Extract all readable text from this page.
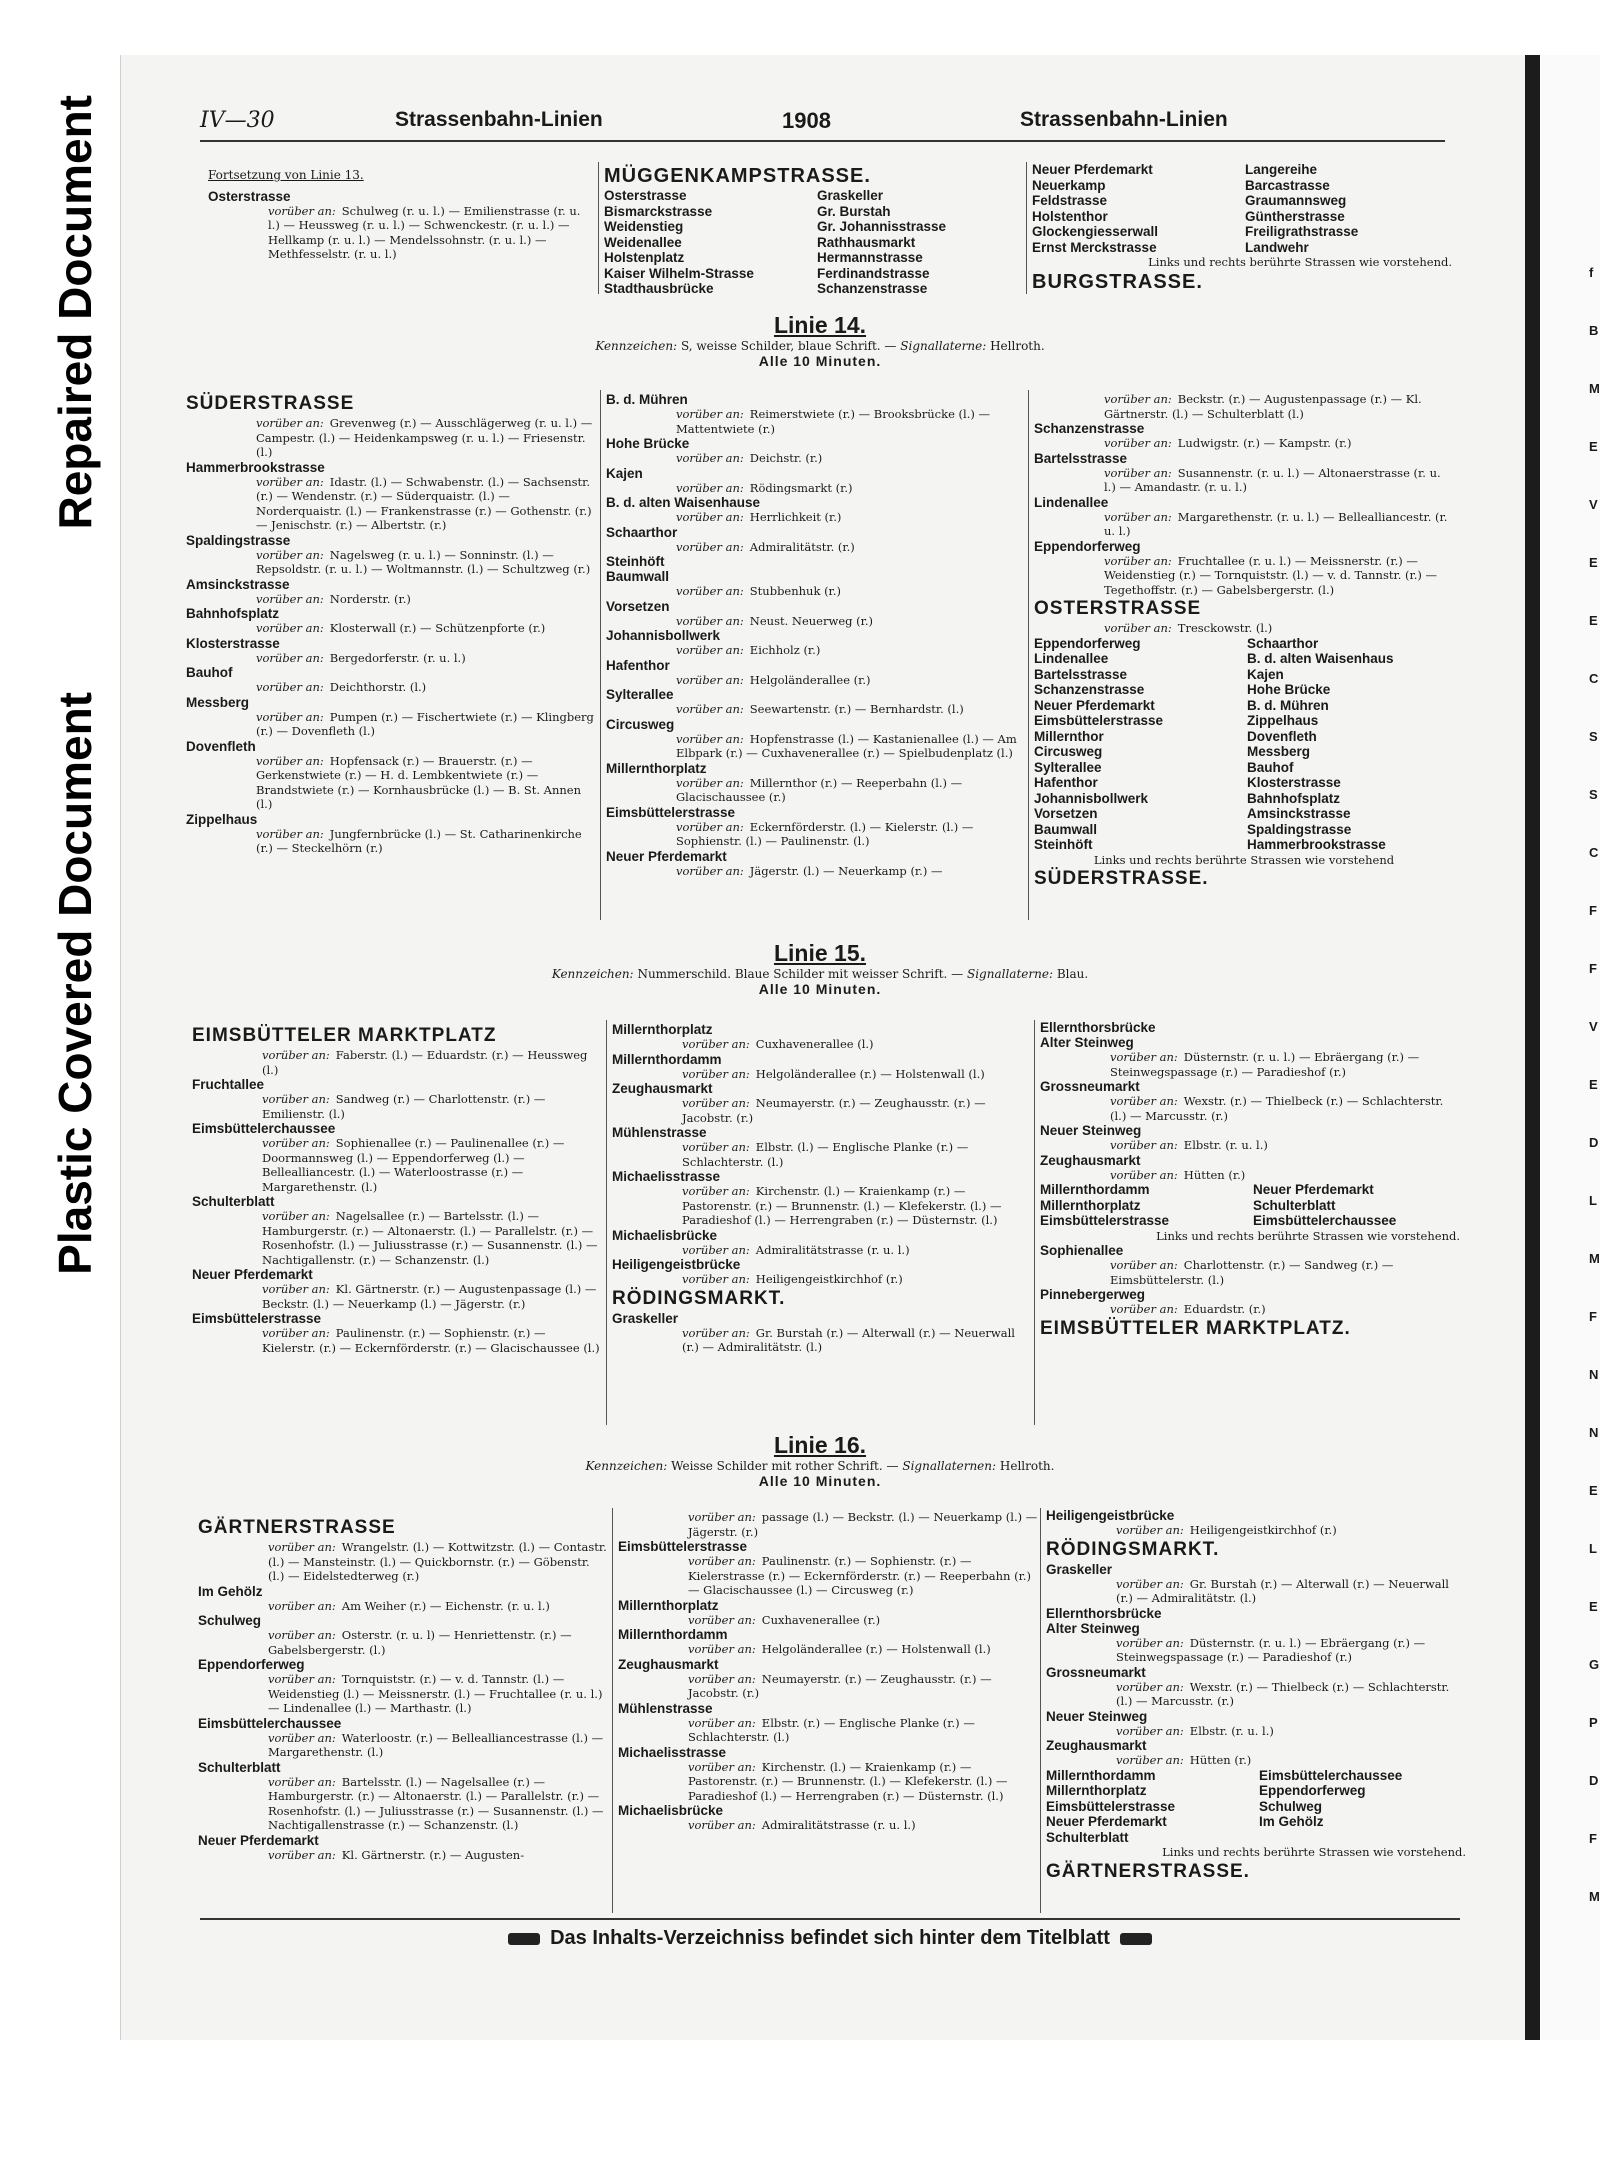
Repaired Document
Plastic Covered Document
f
B
M
E
V
E
E
C
S
S
C
F
F
V
E
D
L
M
F
N
N
E
L
E
G
P
D
F
M
IV—30	Strassenbahn-Linien	1908	Strassenbahn-Linien
Fortsetzung von Linie 13.
Osterstrasse
vorüber an: Schulweg (r. u. l.) — Emilienstrasse (r. u. l.) — Heussweg (r. u. l.) — Schwenckestr. (r. u. l.) — Hellkamp (r. u. l.) — Mendelssohnstr. (r. u. l.) — Methfesselstr. (r. u. l.)
MÜGGENKAMPSTRASSE.
Osterstrasse	Graskeller
Bismarckstrasse	Gr. Burstah
Weidenstieg	Gr. Johannisstrasse
Weidenallee	Rathhausmarkt
Holstenplatz	Hermannstrasse
Kaiser Wilhelm-Strasse	Ferdinandstrasse
Stadthausbrücke	Schanzenstrasse
Neuer Pferdemarkt	Langereihe
Neuerkamp	Barcastrasse
Feldstrasse	Graumannsweg
Holstenthor	Güntherstrasse
Glockengiesserwall	Freiligrathstrasse
Ernst Merckstrasse	Landwehr
Links und rechts berührte Strassen wie vorstehend.
BURGSTRASSE.
Linie 14.
Kennzeichen: S, weisse Schilder, blaue Schrift. — Signallaterne: Hellroth.
Alle 10 Minuten.
SÜDERSTRASSE
vorüber an: Grevenweg (r.) — Ausschlägerweg (r. u. l.) — Campestr. (l.) — Heidenkampsweg (r. u. l.) — Friesenstr. (l.)
Hammerbrookstrasse
vorüber an: Idastr. (l.) — Schwabenstr. (l.) — Sachsenstr. (r.) — Wendenstr. (r.) — Süderquaistr. (l.) — Norderquaistr. (l.) — Frankenstrasse (r.) — Gothenstr. (r.) — Jenischstr. (r.) — Albertstr. (r.)
Spaldingstrasse
vorüber an: Nagelsweg (r. u. l.) — Sonninstr. (l.) — Repsoldstr. (r. u. l.) — Woltmannstr. (l.) — Schultzweg (r.)
Amsinckstrasse
vorüber an: Norderstr. (r.)
Bahnhofsplatz
vorüber an: Klosterwall (r.) — Schützenpforte (r.)
Klosterstrasse
vorüber an: Bergedorferstr. (r. u. l.)
Bauhof
vorüber an: Deichthorstr. (l.)
Messberg
vorüber an: Pumpen (r.) — Fischertwiete (r.) — Klingberg (r.) — Dovenfleth (l.)
Dovenfleth
vorüber an: Hopfensack (r.) — Brauerstr. (r.) — Gerkenstwiete (r.) — H. d. Lembkentwiete (r.) — Brandstwiete (r.) — Kornhausbrücke (l.) — B. St. Annen (l.)
Zippelhaus
vorüber an: Jungfernbrücke (l.) — St. Catharinenkirche (r.) — Steckelhörn (r.)
B. d. Mühren
vorüber an: Reimerstwiete (r.) — Brooksbrücke (l.) — Mattentwiete (r.)
Hohe Brücke
vorüber an: Deichstr. (r.)
Kajen
vorüber an: Rödingsmarkt (r.)
B. d. alten Waisenhause
vorüber an: Herrlichkeit (r.)
Schaarthor
vorüber an: Admiralitätstr. (r.)
Steinhöft
Baumwall
vorüber an: Stubbenhuk (r.)
Vorsetzen
vorüber an: Neust. Neuerweg (r.)
Johannisbollwerk
vorüber an: Eichholz (r.)
Hafenthor
vorüber an: Helgoländerallee (r.)
Sylterallee
vorüber an: Seewartenstr. (r.) — Bernhardstr. (l.)
Circusweg
vorüber an: Hopfenstrasse (l.) — Kastanienallee (l.) — Am Elbpark (r.) — Cuxhavenerallee (r.) — Spielbudenplatz (l.)
Millernthorplatz
vorüber an: Millernthor (r.) — Reeperbahn (l.) — Glacischaussee (r.)
Eimsbüttelerstrasse
vorüber an: Eckernförderstr. (l.) — Kielerstr. (l.) — Sophienstr. (l.) — Paulinenstr. (l.)
Neuer Pferdemarkt
vorüber an: Jägerstr. (l.) — Neuerkamp (r.) —
vorüber an: Beckstr. (r.) — Augustenpassage (r.) — Kl. Gärtnerstr. (l.) — Schulterblatt (l.)
Schanzenstrasse
vorüber an: Ludwigstr. (r.) — Kampstr. (r.)
Bartelsstrasse
vorüber an: Susannenstr. (r. u. l.) — Altonaerstrasse (r. u. l.) — Amandastr. (r. u. l.)
Lindenallee
vorüber an: Margarethenstr. (r. u. l.) — Bellealliancestr. (r. u. l.)
Eppendorferweg
vorüber an: Fruchtallee (r. u. l.) — Meissnerstr. (r.) — Weidenstieg (r.) — Tornquiststr. (l.) — v. d. Tannstr. (r.) — Tegethoffstr. (r.) — Gabelsbergerstr. (l.)
OSTERSTRASSE
vorüber an: Tresckowstr. (l.)
Eppendorferweg	Schaarthor
Lindenallee	B. d. alten Waisenhaus
Bartelsstrasse	Kajen
Schanzenstrasse	Hohe Brücke
Neuer Pferdemarkt	B. d. Mühren
Eimsbüttelerstrasse	Zippelhaus
Millernthor	Dovenfleth
Circusweg	Messberg
Sylterallee	Bauhof
Hafenthor	Klosterstrasse
Johannisbollwerk	Bahnhofsplatz
Vorsetzen	Amsinckstrasse
Baumwall	Spaldingstrasse
Steinhöft	Hammerbrookstrasse
Links und rechts berührte Strassen wie vorstehend
SÜDERSTRASSE.
Linie 15.
Kennzeichen: Nummerschild. Blaue Schilder mit weisser Schrift. — Signallaterne: Blau.
Alle 10 Minuten.
EIMSBÜTTELER MARKTPLATZ
vorüber an: Faberstr. (l.) — Eduardstr. (r.) — Heussweg (l.)
Fruchtallee
vorüber an: Sandweg (r.) — Charlottenstr. (r.) — Emilienstr. (l.)
Eimsbüttelerchaussee
vorüber an: Sophienallee (r.) — Paulinenallee (r.) — Doormannsweg (l.) — Eppendorferweg (l.) — Bellealliancestr. (l.) — Waterloostrasse (r.) — Margarethenstr. (l.)
Schulterblatt
vorüber an: Nagelsallee (r.) — Bartelsstr. (l.) — Hamburgerstr. (r.) — Altonaerstr. (l.) — Parallelstr. (r.) — Rosenhofstr. (l.) — Juliusstrasse (r.) — Susannenstr. (l.) — Nachtigallenstr. (r.) — Schanzenstr. (l.)
Neuer Pferdemarkt
vorüber an: Kl. Gärtnerstr. (r.) — Augustenpassage (l.) — Beckstr. (l.) — Neuerkamp (l.) — Jägerstr. (r.)
Eimsbüttelerstrasse
vorüber an: Paulinenstr. (r.) — Sophienstr. (r.) — Kielerstr. (r.) — Eckernförderstr. (r.) — Glacischaussee (l.)
Millernthorplatz
vorüber an: Cuxhavenerallee (l.)
Millernthordamm
vorüber an: Helgoländerallee (r.) — Holstenwall (l.)
Zeughausmarkt
vorüber an: Neumayerstr. (r.) — Zeughausstr. (r.) — Jacobstr. (r.)
Mühlenstrasse
vorüber an: Elbstr. (l.) — Englische Planke (r.) — Schlachterstr. (l.)
Michaelisstrasse
vorüber an: Kirchenstr. (l.) — Kraienkamp (r.) — Pastorenstr. (r.) — Brunnenstr. (l.) — Klefekerstr. (l.) — Paradieshof (l.) — Herrengraben (r.) — Düsternstr. (l.)
Michaelisbrücke
vorüber an: Admiralitätstrasse (r. u. l.)
Heiligengeistbrücke
vorüber an: Heiligengeistkirchhof (r.)
RÖDINGSMARKT.
Graskeller
vorüber an: Gr. Burstah (r.) — Alterwall (r.) — Neuerwall (r.) — Admiralitätstr. (l.)
Ellernthorsbrücke
Alter Steinweg
vorüber an: Düsternstr. (r. u. l.) — Ebräergang (r.) — Steinwegspassage (r.) — Paradieshof (r.)
Grossneumarkt
vorüber an: Wexstr. (r.) — Thielbeck (r.) — Schlachterstr. (l.) — Marcusstr. (r.)
Neuer Steinweg
vorüber an: Elbstr. (r. u. l.)
Zeughausmarkt
vorüber an: Hütten (r.)
Millernthordamm	Neuer Pferdemarkt
Millernthorplatz	Schulterblatt
Eimsbüttelerstrasse	Eimsbüttelerchaussee
Links und rechts berührte Strassen wie vorstehend.
Sophienallee
vorüber an: Charlottenstr. (r.) — Sandweg (r.) — Eimsbüttelerstr. (l.)
Pinnebergerweg
vorüber an: Eduardstr. (r.)
EIMSBÜTTELER MARKTPLATZ.
Linie 16.
Kennzeichen: Weisse Schilder mit rother Schrift. — Signallaternen: Hellroth.
Alle 10 Minuten.
GÄRTNERSTRASSE
vorüber an: Wrangelstr. (l.) — Kottwitzstr. (l.) — Contastr. (l.) — Mansteinstr. (l.) — Quickbornstr. (r.) — Göbenstr. (l.) — Eidelstedterweg (r.)
Im Gehölz
vorüber an: Am Weiher (r.) — Eichenstr. (r. u. l.)
Schulweg
vorüber an: Osterstr. (r. u. l) — Henriettenstr. (r.) — Gabelsbergerstr. (l.)
Eppendorferweg
vorüber an: Tornquiststr. (r.) — v. d. Tannstr. (l.) — Weidenstieg (l.) — Meissnerstr. (l.) — Fruchtallee (r. u. l.) — Lindenallee (l.) — Marthastr. (l.)
Eimsbüttelerchaussee
vorüber an: Waterloostr. (r.) — Bellealliancestrasse (l.) — Margarethenstr. (l.)
Schulterblatt
vorüber an: Bartelsstr. (l.) — Nagelsallee (r.) — Hamburgerstr. (r.) — Altonaerstr. (l.) — Parallelstr. (r.) — Rosenhofstr. (l.) — Juliusstrasse (r.) — Susannenstr. (l.) — Nachtigallenstrasse (r.) — Schanzenstr. (l.)
Neuer Pferdemarkt
vorüber an: Kl. Gärtnerstr. (r.) — Augusten-
vorüber an: passage (l.) — Beckstr. (l.) — Neuerkamp (l.) — Jägerstr. (r.)
Eimsbüttelerstrasse
vorüber an: Paulinenstr. (r.) — Sophienstr. (r.) — Kielerstrasse (r.) — Eckernförderstr. (r.) — Reeperbahn (r.) — Glacischaussee (l.) — Circusweg (r.)
Millernthorplatz
vorüber an: Cuxhavenerallee (r.)
Millernthordamm
vorüber an: Helgoländerallee (r.) — Holstenwall (l.)
Zeughausmarkt
vorüber an: Neumayerstr. (r.) — Zeughausstr. (r.) — Jacobstr. (r.)
Mühlenstrasse
vorüber an: Elbstr. (r.) — Englische Planke (r.) — Schlachterstr. (l.)
Michaelisstrasse
vorüber an: Kirchenstr. (l.) — Kraienkamp (r.) — Pastorenstr. (r.) — Brunnenstr. (l.) — Klefekerstr. (l.) — Paradieshof (l.) — Herrengraben (r.) — Düsternstr. (l.)
Michaelisbrücke
vorüber an: Admiralitätstrasse (r. u. l.)
Heiligengeistbrücke
vorüber an: Heiligengeistkirchhof (r.)
RÖDINGSMARKT.
Graskeller
vorüber an: Gr. Burstah (r.) — Alterwall (r.) — Neuerwall (r.) — Admiralitätstr. (l.)
Ellernthorsbrücke
Alter Steinweg
vorüber an: Düsternstr. (r. u. l.) — Ebräergang (r.) — Steinwegspassage (r.) — Paradieshof (r.)
Grossneumarkt
vorüber an: Wexstr. (r.) — Thielbeck (r.) — Schlachterstr. (l.) — Marcusstr. (r.)
Neuer Steinweg
vorüber an: Elbstr. (r. u. l.)
Zeughausmarkt
vorüber an: Hütten (r.)
Millernthordamm	Eimsbüttelerchaussee
Millernthorplatz	Eppendorferweg
Eimsbüttelerstrasse	Schulweg
Neuer Pferdemarkt	Im Gehölz
Schulterblatt
Links und rechts berührte Strassen wie vorstehend.
GÄRTNERSTRASSE.
Das Inhalts-Verzeichniss befindet sich hinter dem Titelblatt
